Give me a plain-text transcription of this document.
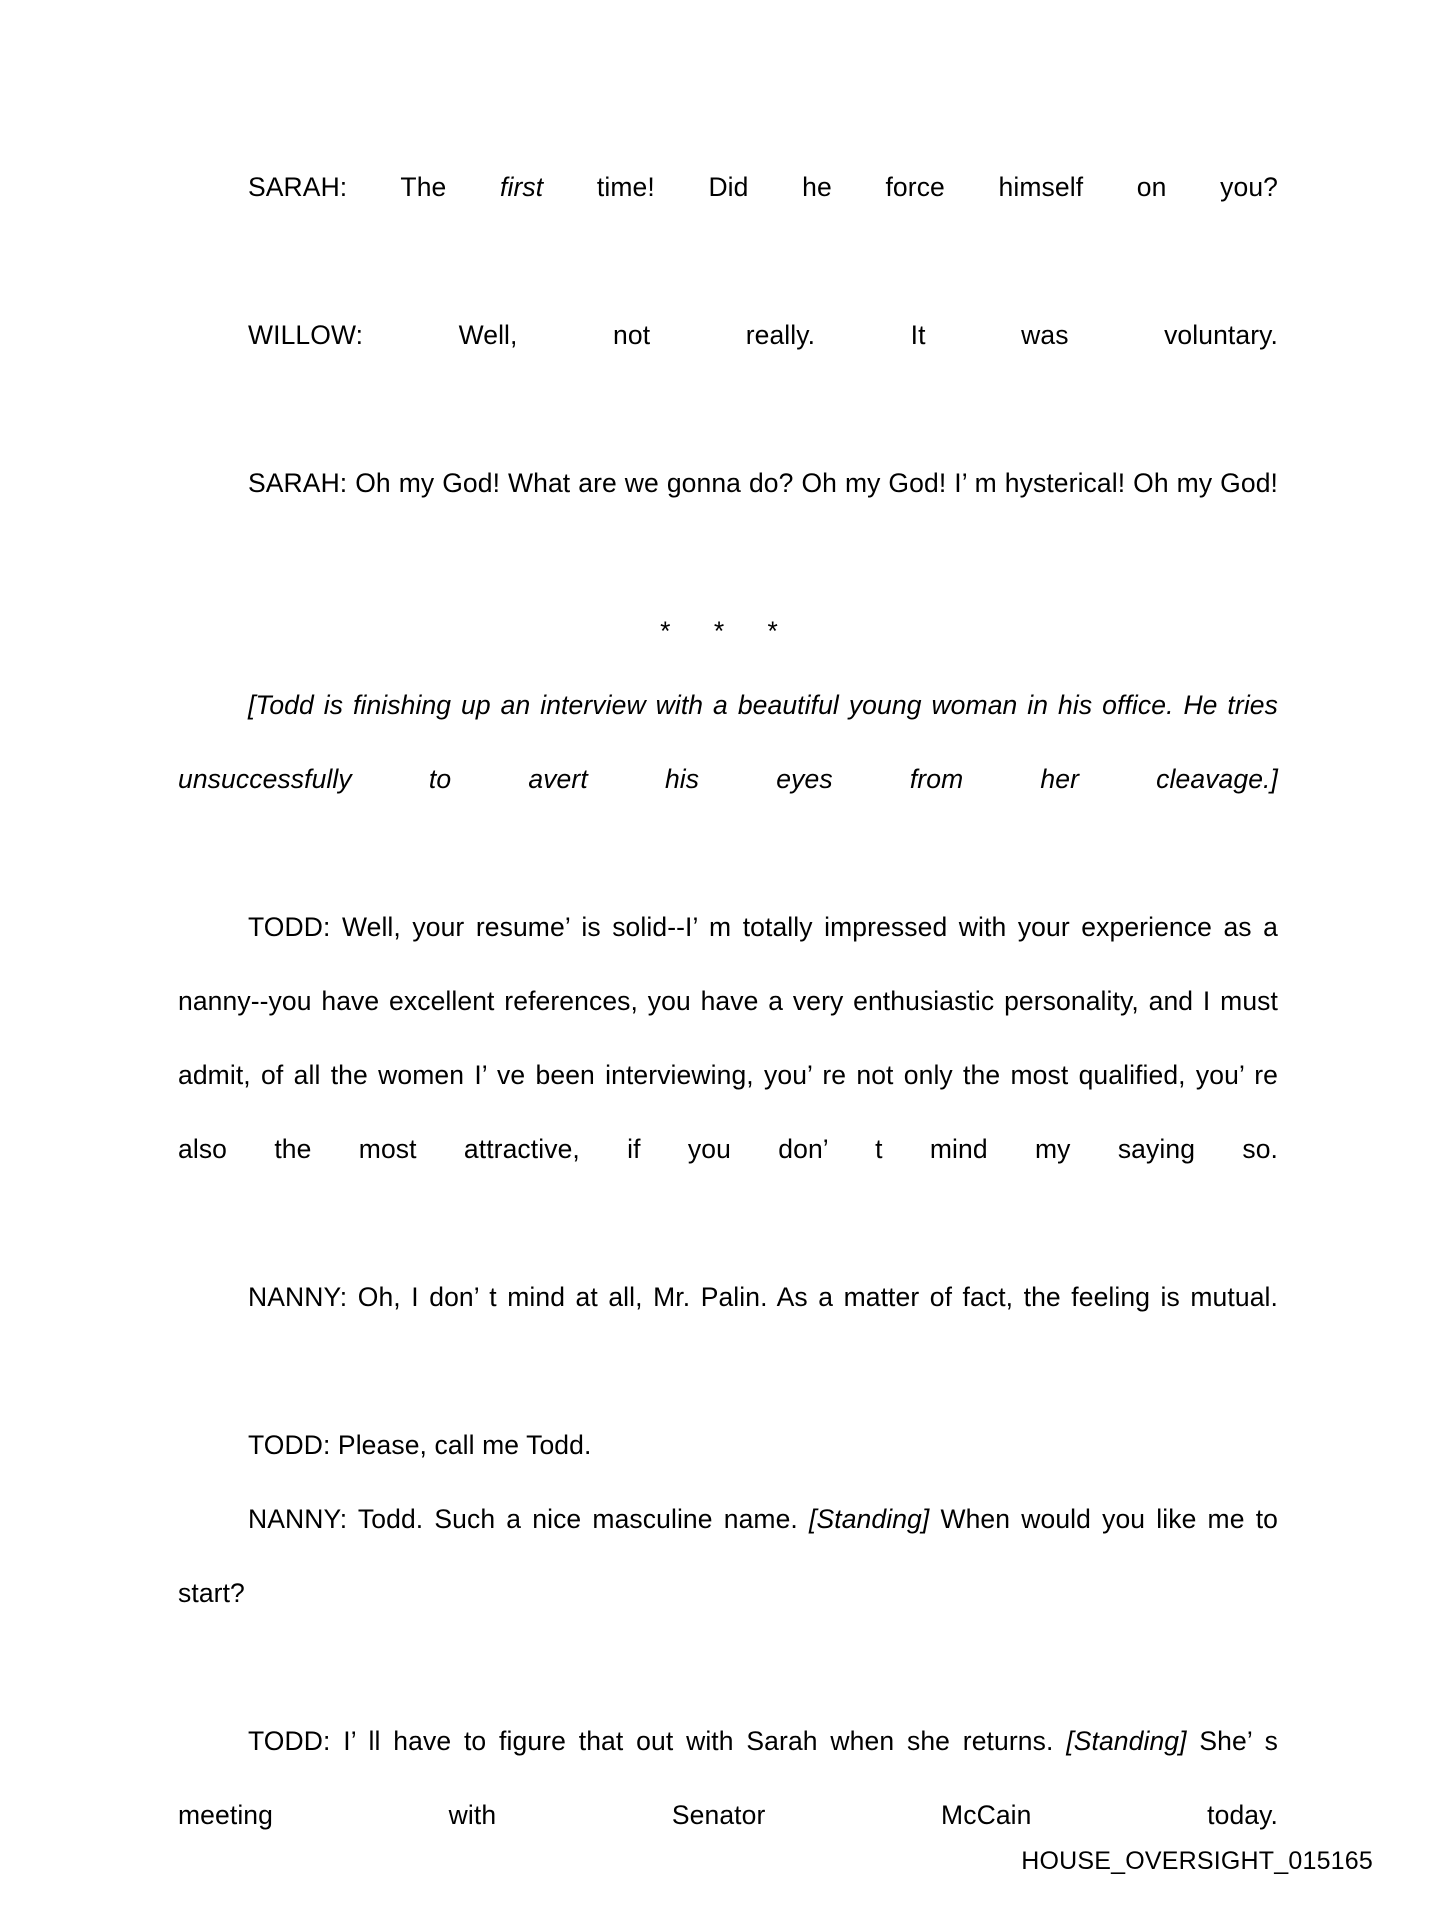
SARAH: The first time! Did he force himself on you?

WILLOW: Well, not really. It was voluntary.

SARAH: Oh my God! What are we gonna do? Oh my God! I’ m hysterical! Oh my God!

* * *

[Todd is finishing up an interview with a beautiful young woman in his office. He tries unsuccessfully to avert his eyes from her cleavage.]

TODD: Well, your resume’ is solid--I’ m totally impressed with your experience as a nanny--you have excellent references, you have a very enthusiastic personality, and I must admit, of all the women I’ ve been interviewing, you’ re not only the most qualified, you’ re also the most attractive, if you don’ t mind my saying so.

NANNY: Oh, I don’ t mind at all, Mr. Palin. As a matter of fact, the feeling is mutual.

TODD: Please, call me Todd.

NANNY: Todd. Such a nice masculine name. [Standing] When would you like me to start?

TODD: I’ ll have to figure that out with Sarah when she returns. [Standing] She’ s meeting with Senator McCain today.

HOUSE_OVERSIGHT_015165
